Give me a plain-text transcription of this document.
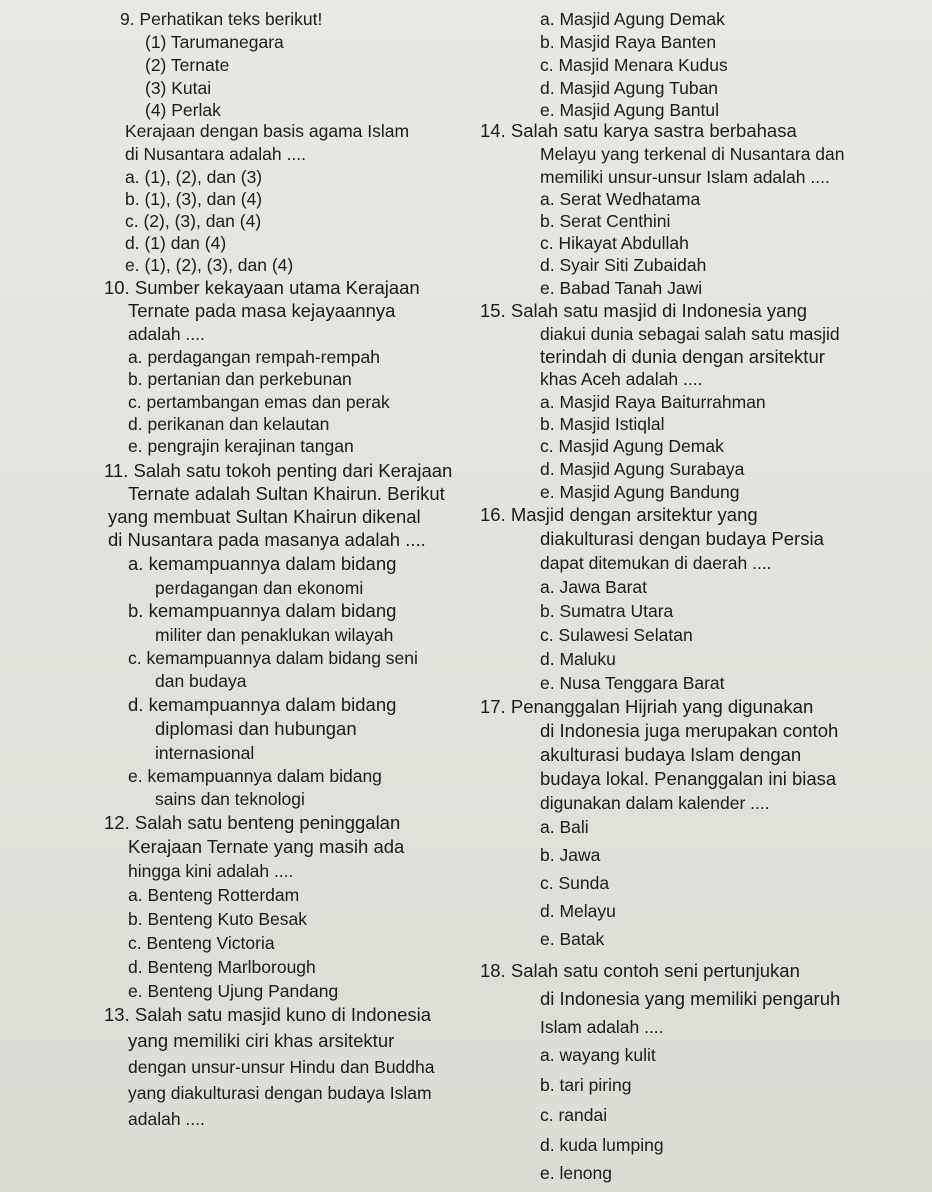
9. Perhatikan teks berikut!
(1) Tarumanegara
(2) Ternate
(3) Kutai
(4) Perlak
Kerajaan dengan basis agama Islam
di Nusantara adalah ....
a. (1), (2), dan (3)
b. (1), (3), dan (4)
c. (2), (3), dan (4)
d. (1) dan (4)
e. (1), (2), (3), dan (4)
10. Sumber kekayaan utama Kerajaan
Ternate pada masa kejayaannya
adalah ....
a. perdagangan rempah-rempah
b. pertanian dan perkebunan
c. pertambangan emas dan perak
d. perikanan dan kelautan
e. pengrajin kerajinan tangan
11. Salah satu tokoh penting dari Kerajaan
Ternate adalah Sultan Khairun. Berikut
yang membuat Sultan Khairun dikenal
di Nusantara pada masanya adalah ....
a. kemampuannya dalam bidang
perdagangan dan ekonomi
b. kemampuannya dalam bidang
militer dan penaklukan wilayah
c. kemampuannya dalam bidang seni
dan budaya
d. kemampuannya dalam bidang
diplomasi dan hubungan
internasional
e. kemampuannya dalam bidang
sains dan teknologi
12. Salah satu benteng peninggalan
Kerajaan Ternate yang masih ada
hingga kini adalah ....
a. Benteng Rotterdam
b. Benteng Kuto Besak
c. Benteng Victoria
d. Benteng Marlborough
e. Benteng Ujung Pandang
13. Salah satu masjid kuno di Indonesia
yang memiliki ciri khas arsitektur
dengan unsur-unsur Hindu dan Buddha
yang diakulturasi dengan budaya Islam
adalah ....
a. Masjid Agung Demak
b. Masjid Raya Banten
c. Masjid Menara Kudus
d. Masjid Agung Tuban
e. Masjid Agung Bantul
14. Salah satu karya sastra berbahasa
Melayu yang terkenal di Nusantara dan
memiliki unsur-unsur Islam adalah ....
a. Serat Wedhatama
b. Serat Centhini
c. Hikayat Abdullah
d. Syair Siti Zubaidah
e. Babad Tanah Jawi
15. Salah satu masjid di Indonesia yang
diakui dunia sebagai salah satu masjid
terindah di dunia dengan arsitektur
khas Aceh adalah ....
a. Masjid Raya Baiturrahman
b. Masjid Istiqlal
c. Masjid Agung Demak
d. Masjid Agung Surabaya
e. Masjid Agung Bandung
16. Masjid dengan arsitektur yang
diakulturasi dengan budaya Persia
dapat ditemukan di daerah ....
a. Jawa Barat
b. Sumatra Utara
c. Sulawesi Selatan
d. Maluku
e. Nusa Tenggara Barat
17. Penanggalan Hijriah yang digunakan
di Indonesia juga merupakan contoh
akulturasi budaya Islam dengan
budaya lokal. Penanggalan ini biasa
digunakan dalam kalender ....
a. Bali
b. Jawa
c. Sunda
d. Melayu
e. Batak
18. Salah satu contoh seni pertunjukan
di Indonesia yang memiliki pengaruh
Islam adalah ....
a. wayang kulit
b. tari piring
c. randai
d. kuda lumping
e. lenong
